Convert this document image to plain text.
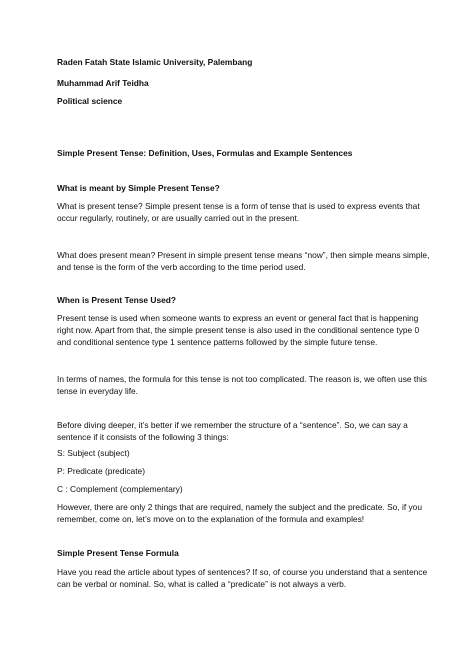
Raden Fatah State Islamic University, Palembang
Muhammad Arif Teidha
Political science
Simple Present Tense: Definition, Uses, Formulas and Example Sentences
What is meant by Simple Present Tense?
What is present tense? Simple present tense is a form of tense that is used to express events that
occur regularly, routinely, or are usually carried out in the present.
What does present mean? Present in simple present tense means “now”, then simple means simple,
and tense is the form of the verb according to the time period used.
When is Present Tense Used?
Present tense is used when someone wants to express an event or general fact that is happening
right now. Apart from that, the simple present tense is also used in the conditional sentence type 0
and conditional sentence type 1 sentence patterns followed by the simple future tense.
In terms of names, the formula for this tense is not too complicated. The reason is, we often use this
tense in everyday life.
Before diving deeper, it’s better if we remember the structure of a “sentence”. So, we can say a
sentence if it consists of the following 3 things:
S: Subject (subject)
P: Predicate (predicate)
C : Complement (complementary)
However, there are only 2 things that are required, namely the subject and the predicate. So, if you
remember, come on, let’s move on to the explanation of the formula and examples!
Simple Present Tense Formula
Have you read the article about types of sentences? If so, of course you understand that a sentence
can be verbal or nominal. So, what is called a “predicate” is not always a verb.
